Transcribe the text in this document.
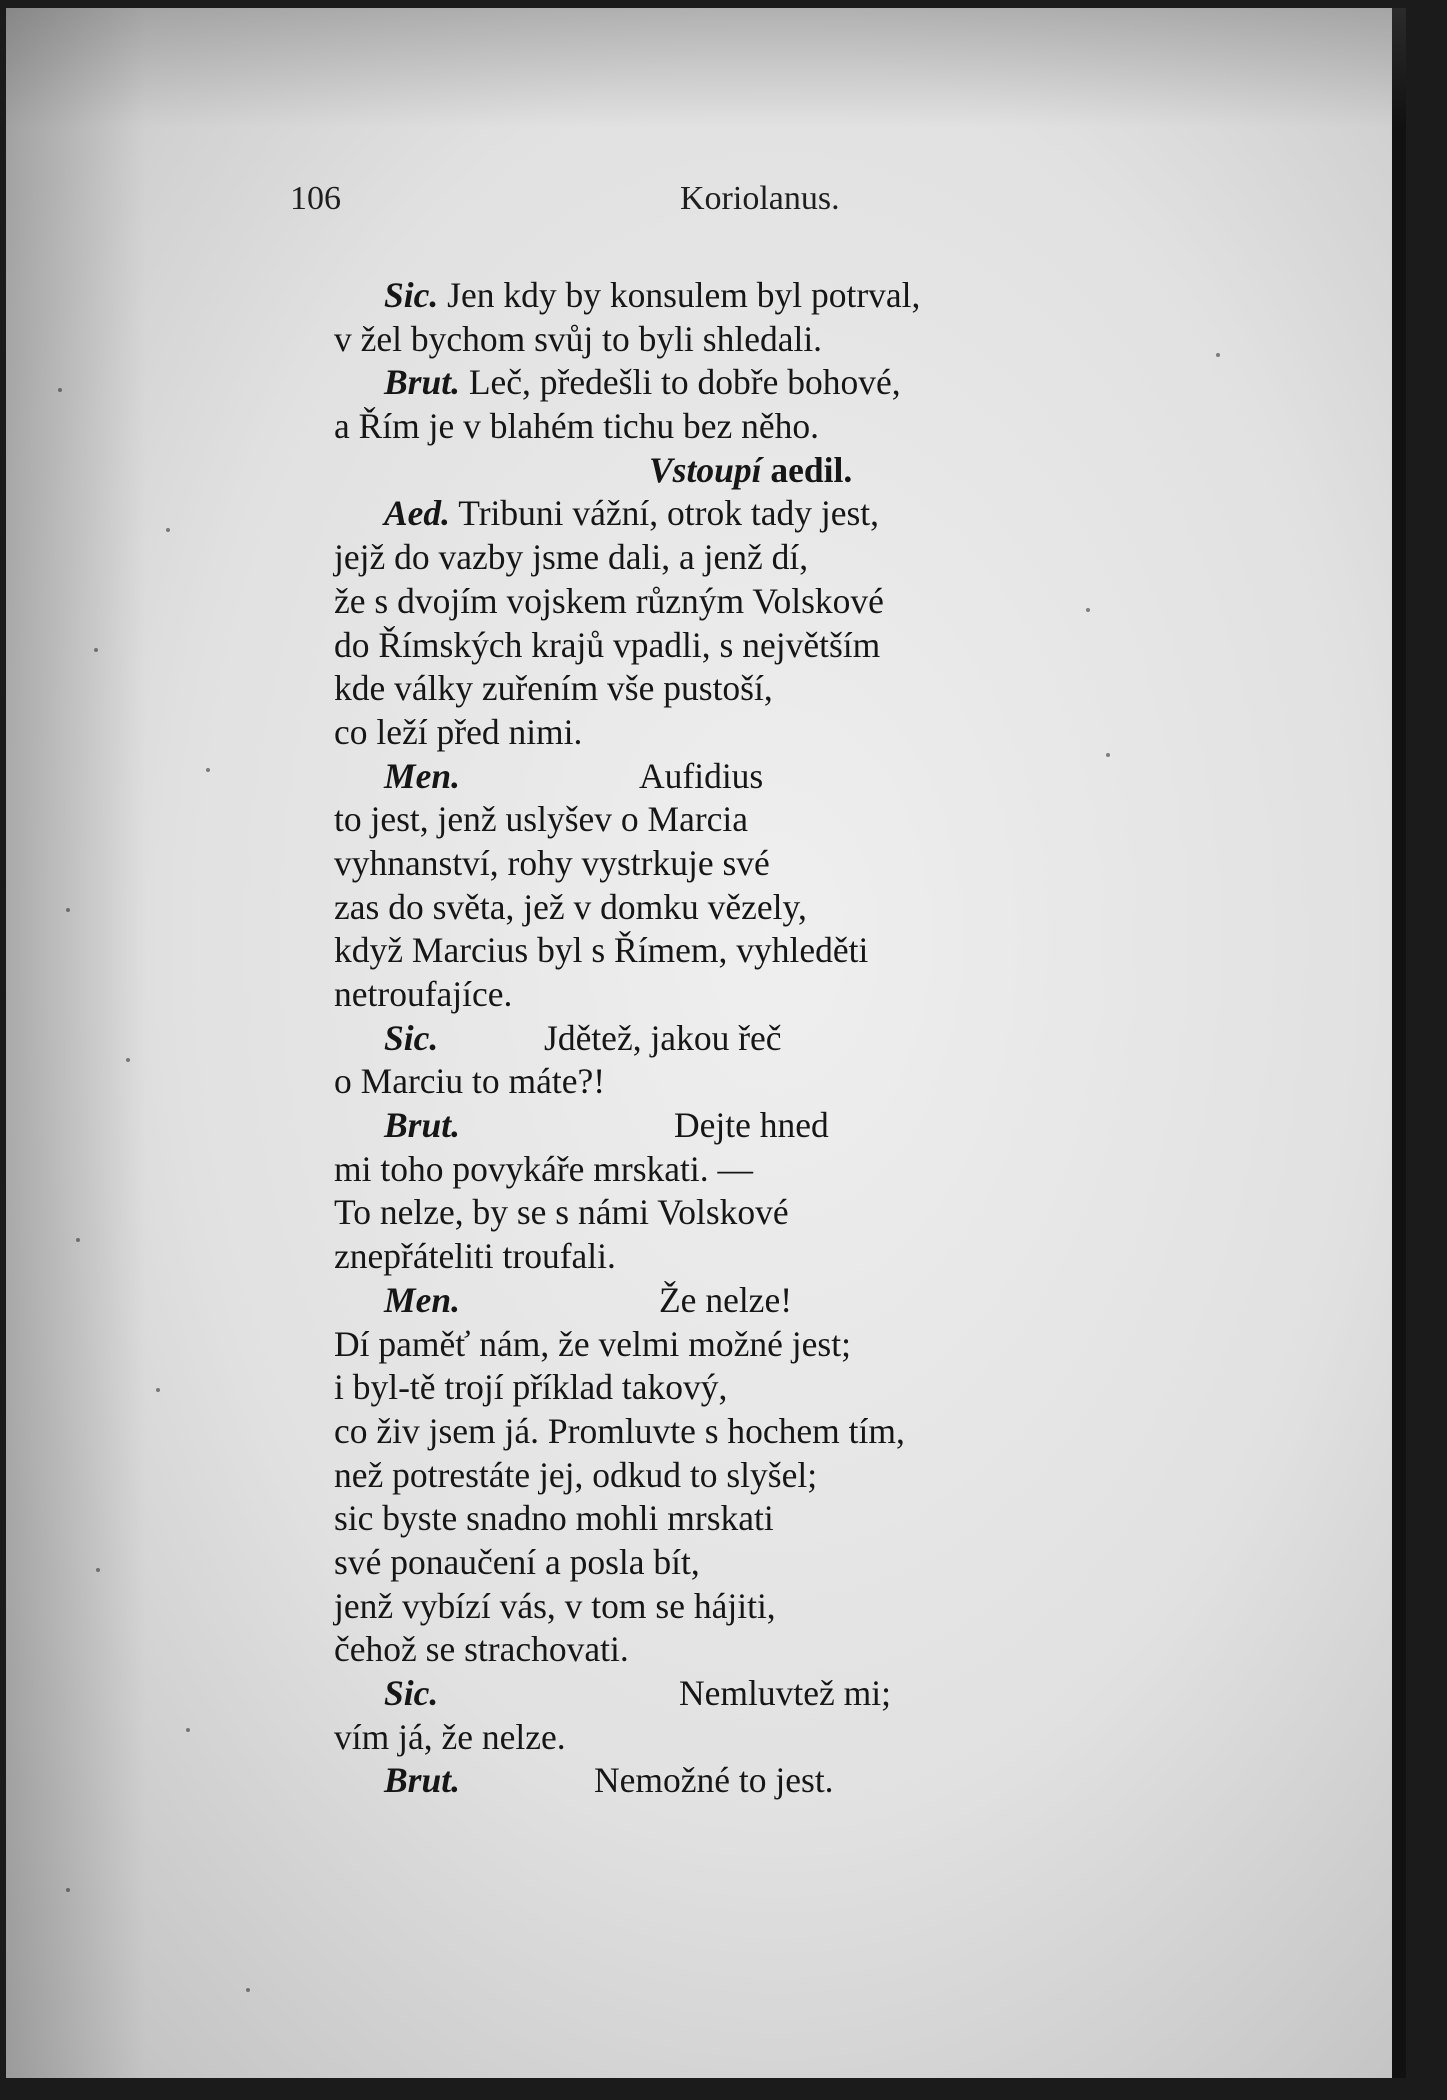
106	Koriolanus.
Sic. Jen kdy by konsulem byl potrval,
v žel bychom svůj to byli shledali.
Brut. Leč, předešli to dobře bohové,
a Řím je v blahém tichu bez něho.
Vstoupí aedil.
Aed. Tribuni vážní, otrok tady jest,
jejž do vazby jsme dali, a jenž dí,
že s dvojím vojskem různým Volskové
do Římských krajů vpadli, s největším
kde války zuřením vše pustoší,
co leží před nimi.
Men.	Aufidius
to jest, jenž uslyšev o Marcia
vyhnanství, rohy vystrkuje své
zas do světa, jež v domku vězely,
když Marcius byl s Římem, vyhleděti
netroufajíce.
Sic.	Jdětež, jakou řeč
o Marciu to máte?!
Brut.	Dejte hned
mi toho povykáře mrskati. —
To nelze, by se s námi Volskové
znepřáteliti troufali.
Men.	Že nelze!
Dí paměť nám, že velmi možné jest;
i byl-tě trojí příklad takový,
co živ jsem já. Promluvte s hochem tím,
než potrestáte jej, odkud to slyšel;
sic byste snadno mohli mrskati
své ponaučení a posla bít,
jenž vybízí vás, v tom se hájiti,
čehož se strachovati.
Sic.	Nemluvtež mi;
vím já, že nelze.
Brut.	Nemožné to jest.
